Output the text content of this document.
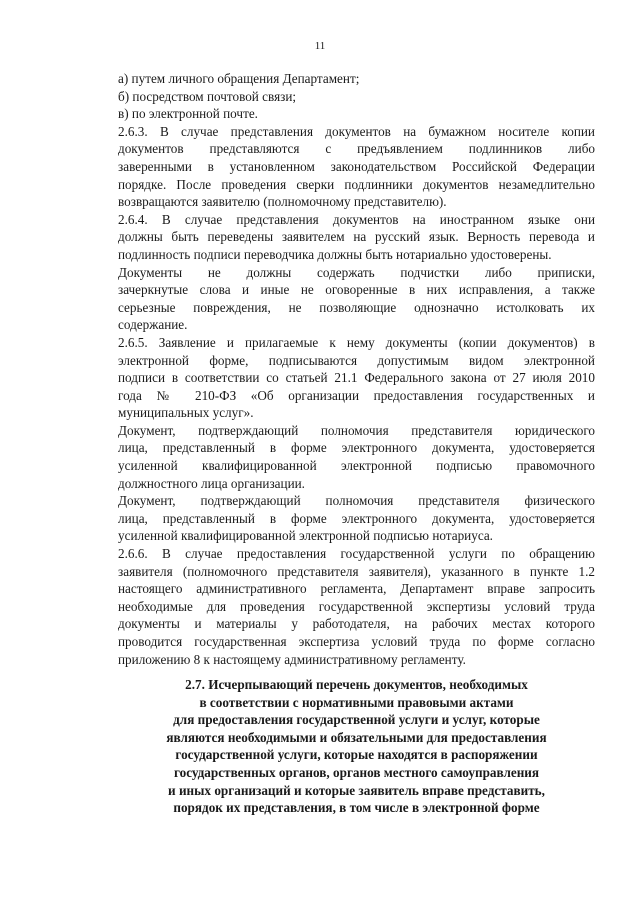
11
а) путем личного обращения Департамент;
б) посредством почтовой связи;
в) по электронной почте.
2.6.3. В случае представления документов на бумажном носителе копии
документов представляются с предъявлением подлинников либо
заверенными в установленном законодательством Российской Федерации
порядке. После проведения сверки подлинники документов незамедлительно
возвращаются заявителю (полномочному представителю).
2.6.4. В случае представления документов на иностранном языке они
должны быть переведены заявителем на русский язык. Верность перевода и
подлинность подписи переводчика должны быть нотариально удостоверены.
Документы не должны содержать подчистки либо приписки,
зачеркнутые слова и иные не оговоренные в них исправления, а также
серьезные повреждения, не позволяющие однозначно истолковать их
содержание.
2.6.5. Заявление и прилагаемые к нему документы (копии документов) в
электронной форме, подписываются допустимым видом электронной
подписи в соответствии со статьей 21.1 Федерального закона от 27 июля 2010
года № 210-ФЗ «Об организации предоставления государственных и
муниципальных услуг».
Документ, подтверждающий полномочия представителя юридического
лица, представленный в форме электронного документа, удостоверяется
усиленной квалифицированной электронной подписью правомочного
должностного лица организации.
Документ, подтверждающий полномочия представителя физического
лица, представленный в форме электронного документа, удостоверяется
усиленной квалифицированной электронной подписью нотариуса.
2.6.6. В случае предоставления государственной услуги по обращению
заявителя (полномочного представителя заявителя), указанного в пункте 1.2
настоящего административного регламента, Департамент вправе запросить
необходимые для проведения государственной экспертизы условий труда
документы и материалы у работодателя, на рабочих местах которого
проводится государственная экспертиза условий труда по форме согласно
приложению 8 к настоящему административному регламенту.
2.7. Исчерпывающий перечень документов, необходимых
в соответствии с нормативными правовыми актами
для предоставления государственной услуги и услуг, которые
являются необходимыми и обязательными для предоставления
государственной услуги, которые находятся в распоряжении
государственных органов, органов местного самоуправления
и иных организаций и которые заявитель вправе представить,
порядок их представления, в том числе в электронной форме
